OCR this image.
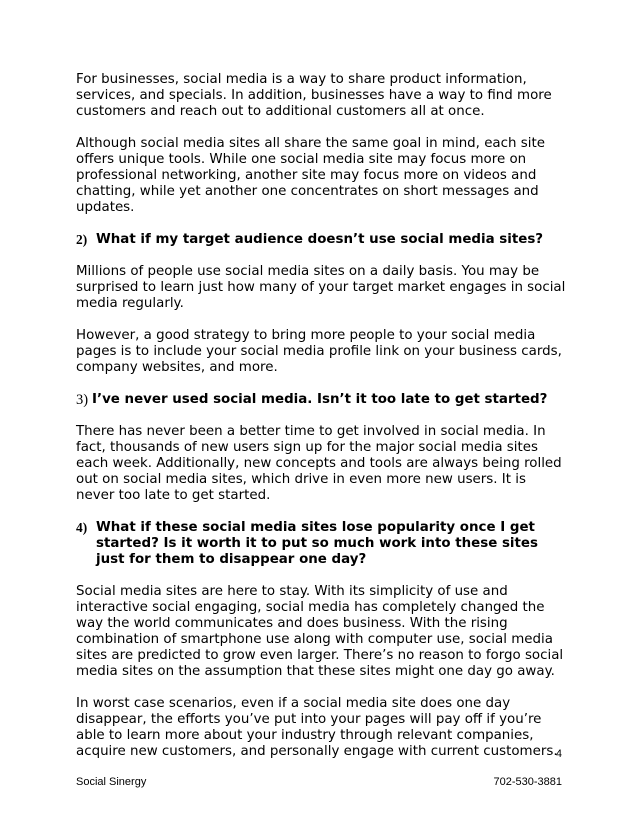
For businesses, social media is a way to share product information, services, and specials. In addition, businesses have a way to find more customers and reach out to additional customers all at once.

Although social media sites all share the same goal in mind, each site offers unique tools. While one social media site may focus more on professional networking, another site may focus more on videos and chatting, while yet another one concentrates on short messages and updates.

2) What if my target audience doesn’t use social media sites?

Millions of people use social media sites on a daily basis. You may be surprised to learn just how many of your target market engages in social media regularly.

However, a good strategy to bring more people to your social media pages is to include your social media profile link on your business cards, company websites, and more.

3) I’ve never used social media. Isn’t it too late to get started?

There has never been a better time to get involved in social media. In fact, thousands of new users sign up for the major social media sites each week. Additionally, new concepts and tools are always being rolled out on social media sites, which drive in even more new users. It is never too late to get started.

4) What if these social media sites lose popularity once I get started? Is it worth it to put so much work into these sites just for them to disappear one day?

Social media sites are here to stay. With its simplicity of use and interactive social engaging, social media has completely changed the way the world communicates and does business. With the rising combination of smartphone use along with computer use, social media sites are predicted to grow even larger. There’s no reason to forgo social media sites on the assumption that these sites might one day go away.

In worst case scenarios, even if a social media site does one day disappear, the efforts you’ve put into your pages will pay off if you’re able to learn more about your industry through relevant companies, acquire new customers, and personally engage with current customers.

4
Social Sinergy	702-530-3881
